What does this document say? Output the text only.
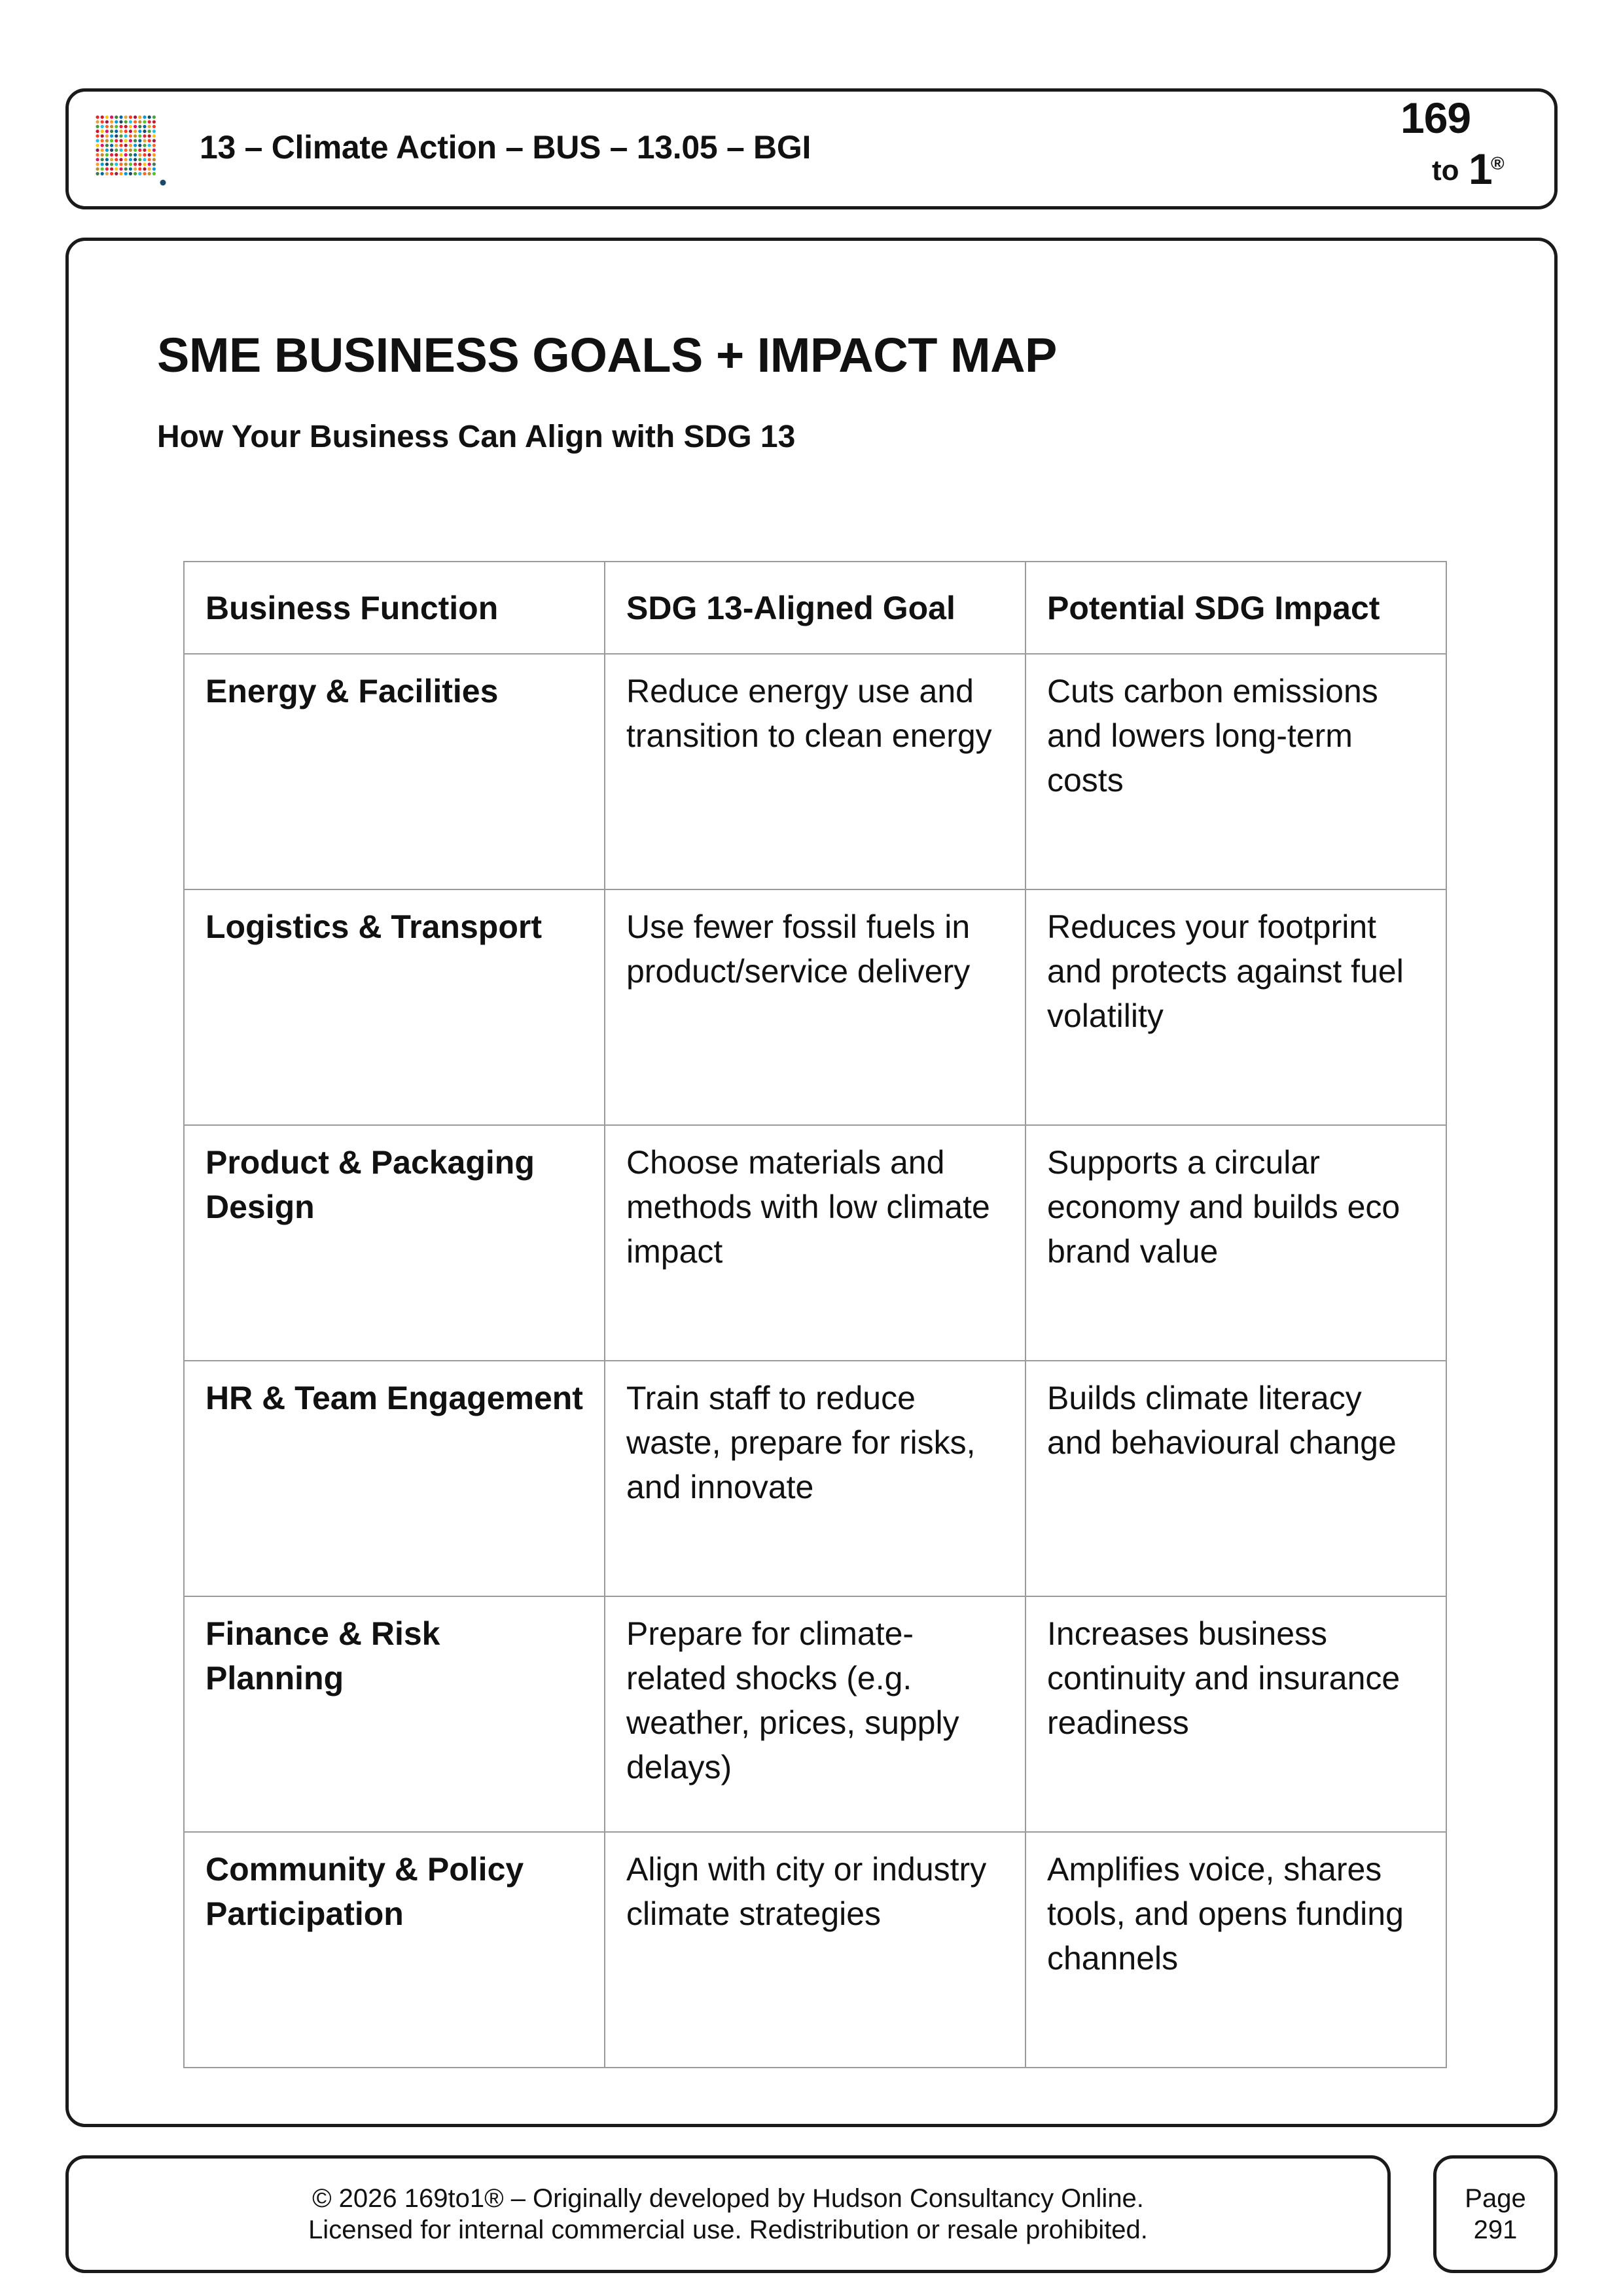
13 – Climate Action – BUS – 13.05 – BGI
169
to 1
®
SME BUSINESS GOALS + IMPACT MAP
How Your Business Can Align with SDG 13
Business Function	SDG 13-Aligned Goal	Potential SDG Impact
Energy & Facilities	Reduce energy use and transition to clean energy	Cuts carbon emissions and lowers long-term costs
Logistics & Transport	Use fewer fossil fuels in product/service delivery	Reduces your footprint and protects against fuel volatility
Product & Packaging Design	Choose materials and methods with low climate impact	Supports a circular economy and builds eco brand value
HR & Team Engagement	Train staff to reduce waste, prepare for risks, and innovate	Builds climate literacy and behavioural change
Finance & Risk Planning	Prepare for climate-related shocks (e.g. weather, prices, supply delays)	Increases business continuity and insurance readiness
Community & Policy Participation	Align with city or industry climate strategies	Amplifies voice, shares tools, and opens funding channels
© 2026 169to1® – Originally developed by Hudson Consultancy Online.
Licensed for internal commercial use. Redistribution or resale prohibited.
Page
291
